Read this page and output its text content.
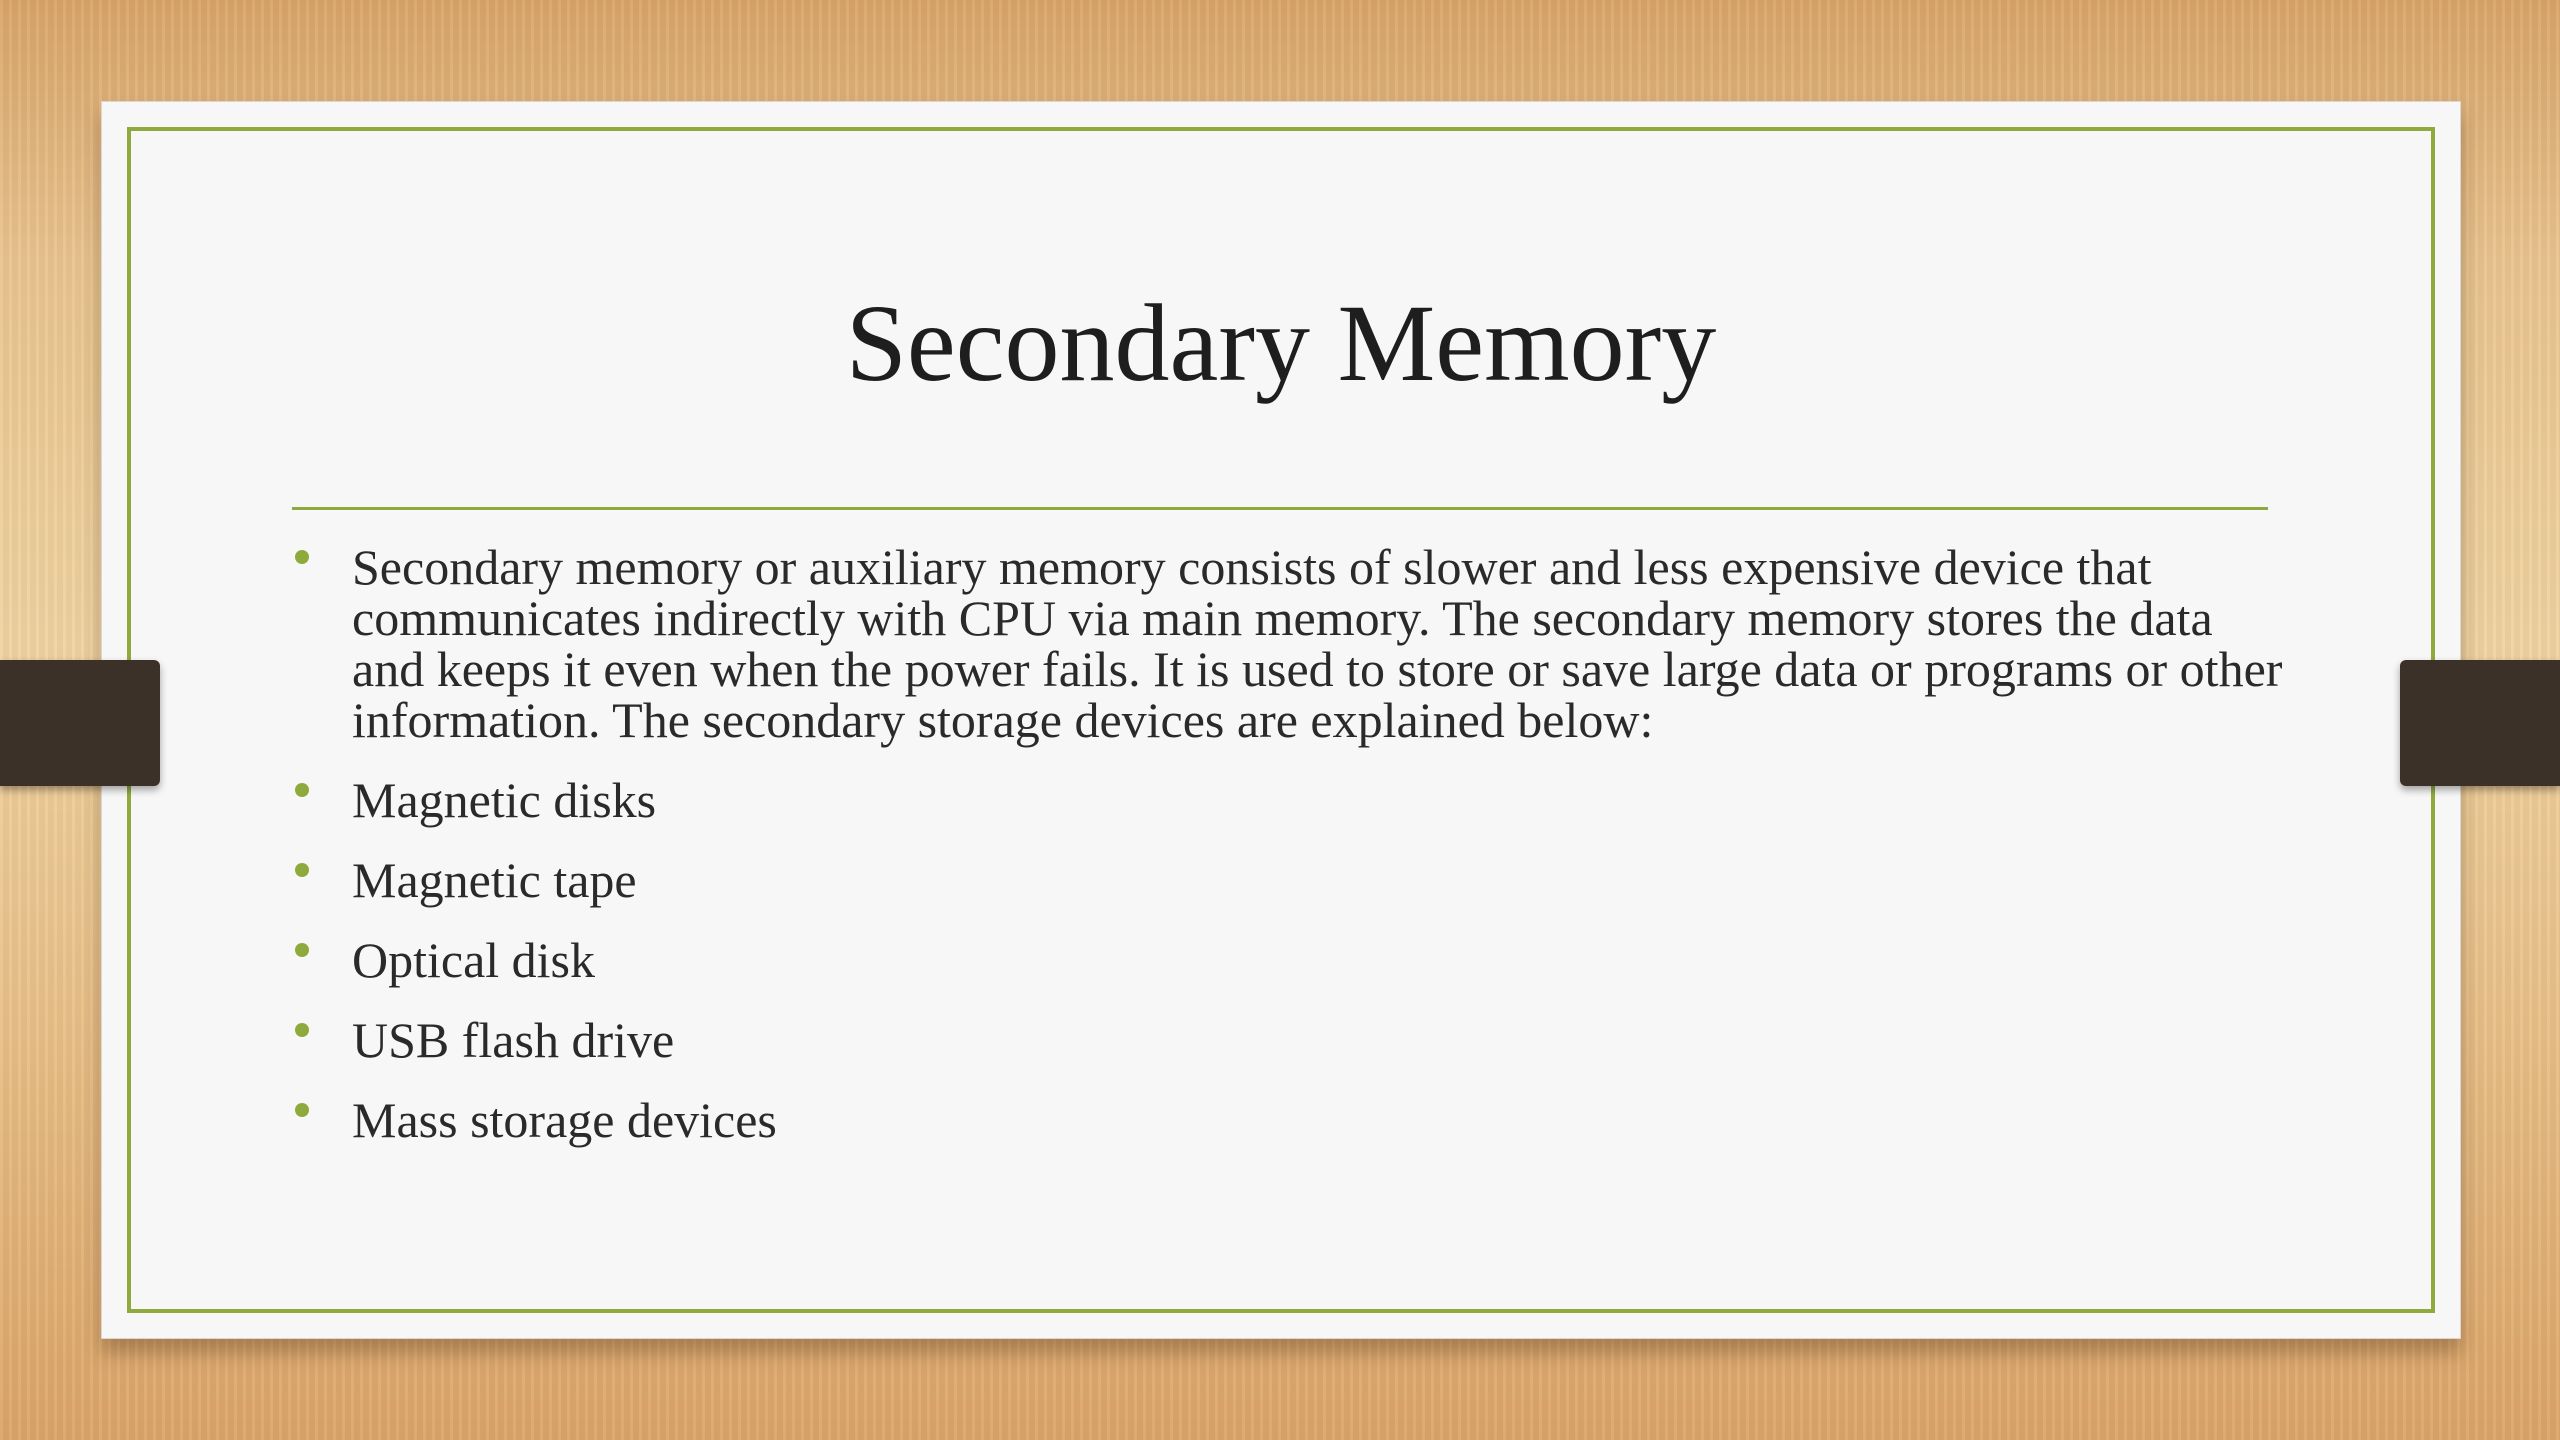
Secondary Memory
Secondary memory or auxiliary memory consists of slower and less expensive device that communicates indirectly with CPU via main memory. The secondary memory stores the data and keeps it even when the power fails. It is used to store or save large data or programs or other information. The secondary storage devices are explained below:
Magnetic disks
Magnetic tape
Optical disk
USB flash drive
Mass storage devices
